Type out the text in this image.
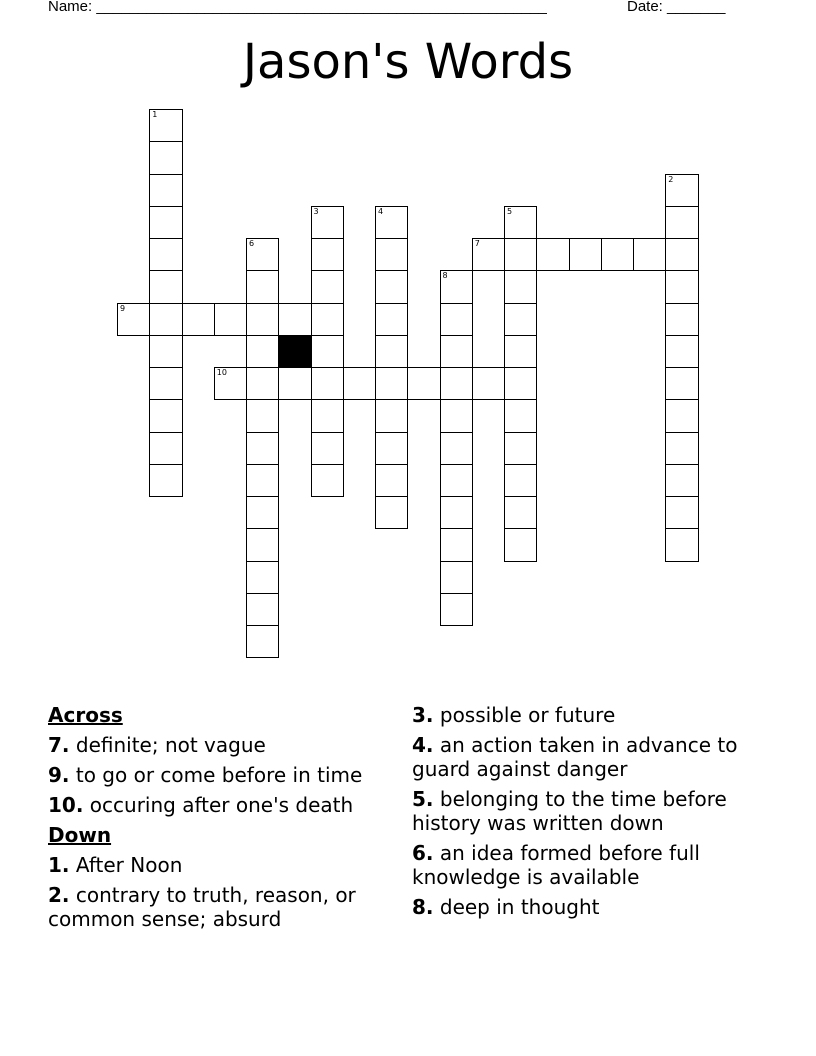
Name: ______________________________________________________	Date: _______
Jason's Words
1
2
3	4	5
6	7
8
9
10
Across
7. definite; not vague
9. to go or come before in time
10. occuring after one's death
Down
1. After Noon
2. contrary to truth, reason, or common sense; absurd
3. possible or future
4. an action taken in advance to guard against danger
5. belonging to the time before history was written down
6. an idea formed before full knowledge is available
8. deep in thought
